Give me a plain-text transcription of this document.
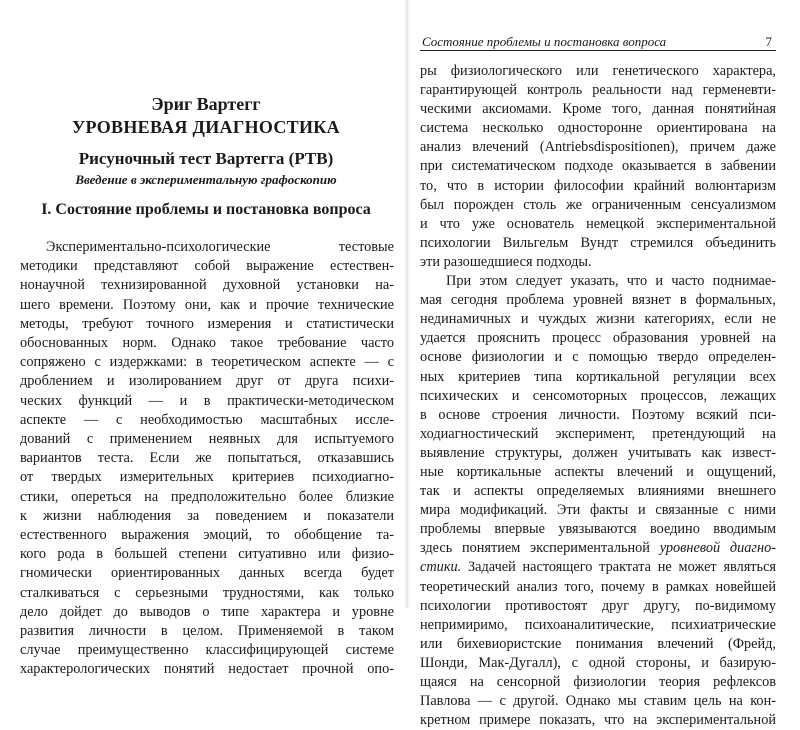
Эриг Вартегг
УРОВНЕВАЯ ДИАГНОСТИКА
Рисуночный тест Вартегга (РТВ)
Введение в экспериментальную графоскопию
I. Состояние проблемы и постановка вопроса
Экспериментально-психологические тестовые
методики представляют собой выражение естествен-
нонаучной технизированной духовной установки на-
шего времени. Поэтому они, как и прочие технические
методы, требуют точного измерения и статистически
обоснованных норм. Однако такое требование часто
сопряжено с издержками: в теоретическом аспекте — с
дроблением и изолированием друг от друга психи-
ческих функций — и в практически-методическом
аспекте — с необходимостью масштабных иссле-
дований с применением неявных для испытуемого
вариантов теста. Если же попытаться, отказавшись
от твердых измерительных критериев психодиагно-
стики, опереться на предположительно более близкие
к жизни наблюдения за поведением и показатели
естественного выражения эмоций, то обобщение та-
кого рода в большей степени ситуативно или физио-
гномически ориентированных данных всегда будет
сталкиваться с серьезными трудностями, как только
дело дойдет до выводов о типе характера и уровне
развития личности в целом. Применяемой в таком
случае преимущественно классифицирующей системе
характерологических понятий недостает прочной опо-
Состояние проблемы и постановка вопроса	7
ры физиологического или генетического характера,
гарантирующей контроль реальности над герменевти-
ческими аксиомами. Кроме того, данная понятийная
система несколько односторонне ориентирована на
анализ влечений (Antriebsdispositionen), причем даже
при систематическом подходе оказывается в забвении
то, что в истории философии крайний волюнтаризм
был порожден столь же ограниченным сенсуализмом
и что уже основатель немецкой экспериментальной
психологии Вильгельм Вундт стремился объединить
эти разошедшиеся подходы.
При этом следует указать, что и часто поднимае-
мая сегодня проблема уровней вязнет в формальных,
нединамичных и чуждых жизни категориях, если не
удается прояснить процесс образования уровней на
основе физиологии и с помощью твердо определен-
ных критериев типа кортикальной регуляции всех
психических и сенсомоторных процессов, лежащих
в основе строения личности. Поэтому всякий пси-
ходиагностический эксперимент, претендующий на
выявление структуры, должен учитывать как извест-
ные кортикальные аспекты влечений и ощущений,
так и аспекты определяемых влияниями внешнего
мира модификаций. Эти факты и связанные с ними
проблемы впервые увязываются воедино вводимым
здесь понятием экспериментальной уровневой диагно-
стики. Задачей настоящего трактата не может являться
теоретический анализ того, почему в рамках новейшей
психологии противостоят друг другу, по-видимому
непримиримо, психоаналитические, психиатрические
или бихевиористские понимания влечений (Фрейд,
Шонди, Мак-Дугалл), с одной стороны, и базирую-
щаяся на сенсорной физиологии теория рефлексов
Павлова — с другой. Однако мы ставим цель на кон-
кретном примере показать, что на экспериментальной
